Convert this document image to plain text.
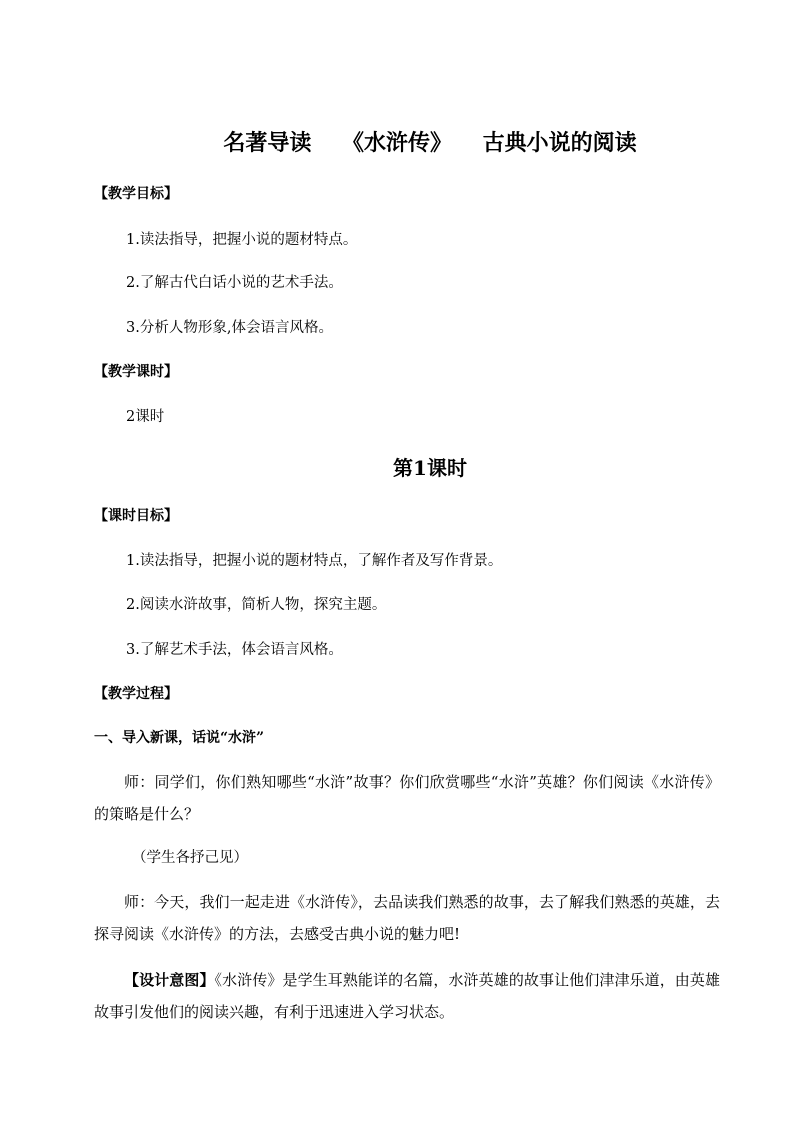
名著导读    《水浒传》    古典小说的阅读
【教学目标】
1.读法指导，把握小说的题材特点。
2.了解古代白话小说的艺术手法。
3.分析人物形象,体会语言风格。
【教学课时】
2课时
第1课时
【课时目标】
1.读法指导，把握小说的题材特点，了解作者及写作背景。
2.阅读水浒故事，简析人物，探究主题。
3.了解艺术手法，体会语言风格。
【教学过程】
一、导入新课，话说“水浒”
师：同学们，你们熟知哪些“水浒”故事？你们欣赏哪些“水浒”英雄？你们阅读《水浒传》的策略是什么？
（学生各抒己见）
师：今天，我们一起走进《水浒传》，去品读我们熟悉的故事，去了解我们熟悉的英雄，去探寻阅读《水浒传》的方法，去感受古典小说的魅力吧!
【设计意图】《水浒传》是学生耳熟能详的名篇，水浒英雄的故事让他们津津乐道，由英雄故事引发他们的阅读兴趣，有利于迅速进入学习状态。
